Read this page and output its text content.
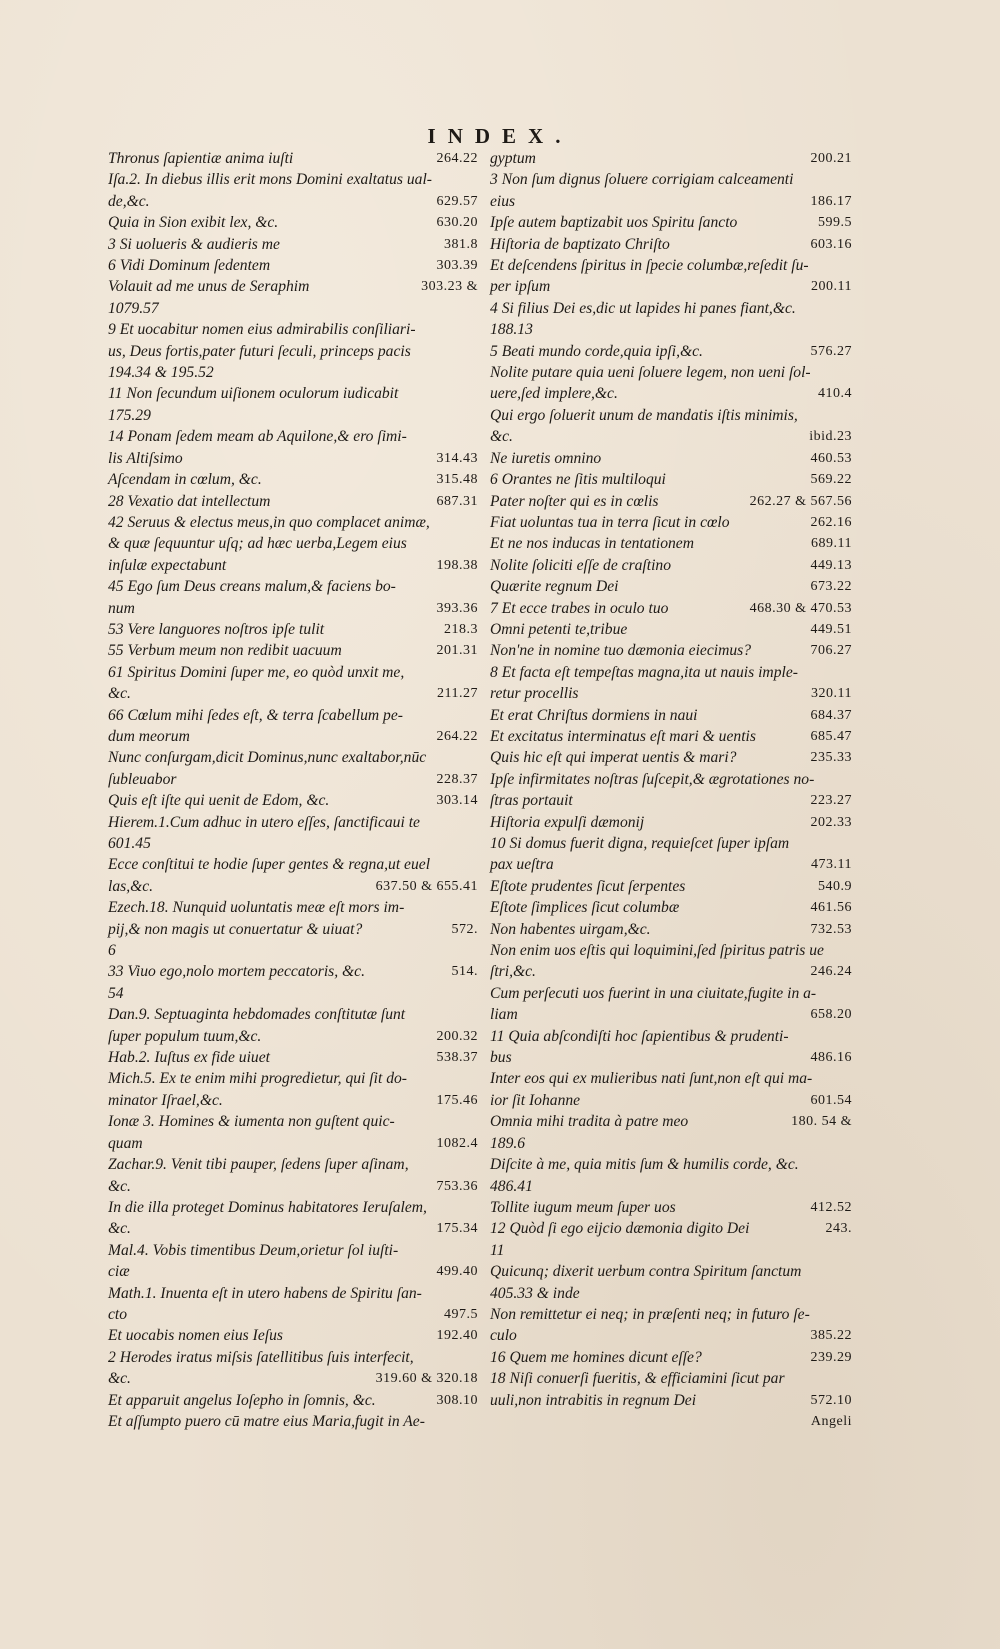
INDEX.
Thronus ſapientiæ anima iuſti	264.22
Iſa.2. In diebus illis erit mons Domini exaltatus ual-
de,&c.	629.57
Quia in Sion exibit lex, &c.	630.20
3 Si uolueris & audieris me	381.8
6 Vidi Dominum ſedentem	303.39
Volauit ad me unus de Seraphim	303.23 &
1079.57
9 Et uocabitur nomen eius admirabilis conſiliari-
us, Deus fortis,pater futuri ſeculi, princeps pacis
194.34 & 195.52
11 Non ſecundum uiſionem oculorum iudicabit
175.29
14 Ponam ſedem meam ab Aquilone,& ero ſimi-
lis Altiſsimo	314.43
Aſcendam in cœlum, &c.	315.48
28 Vexatio dat intellectum	687.31
42 Seruus & electus meus,in quo complacet animæ,
& quæ ſequuntur uſq; ad hæc uerba,Legem eius
inſulæ expectabunt	198.38
45 Ego ſum Deus creans malum,& faciens bo-
num	393.36
53 Vere languores noſtros ipſe tulit	218.3
55 Verbum meum non redibit uacuum	201.31
61 Spiritus Domini ſuper me, eo quòd unxit me,
&c.	211.27
66 Cœlum mihi ſedes eſt, & terra ſcabellum pe-
dum meorum	264.22
Nunc conſurgam,dicit Dominus,nunc exaltabor,nūc
ſubleuabor	228.37
Quis eſt iſte qui uenit de Edom, &c.	303.14
Hierem.1.Cum adhuc in utero eſſes, ſanctificaui te
601.45
Ecce conſtitui te hodie ſuper gentes & regna,ut euel
las,&c.	637.50 & 655.41
Ezech.18. Nunquid uoluntatis meæ eſt mors im-
pij,& non magis ut conuertatur & uiuat?	572.
6
33 Viuo ego,nolo mortem peccatoris, &c.	514.
54
Dan.9. Septuaginta hebdomades conſtitutæ ſunt
ſuper populum tuum,&c.	200.32
Hab.2. Iuſtus ex fide uiuet	538.37
Mich.5. Ex te enim mihi progredietur, qui ſit do-
minator Iſrael,&c.	175.46
Ionæ 3. Homines & iumenta non guſtent quic-
quam	1082.4
Zachar.9. Venit tibi pauper, ſedens ſuper aſinam,
&c.	753.36
In die illa proteget Dominus habitatores Ieruſalem,
&c.	175.34
Mal.4. Vobis timentibus Deum,orietur ſol iuſti-
ciæ	499.40
Math.1. Inuenta eſt in utero habens de Spiritu ſan-
cto	497.5
Et uocabis nomen eius Ieſus	192.40
2 Herodes iratus miſsis ſatellitibus ſuis interfecit,
&c.	319.60 & 320.18
Et apparuit angelus Ioſepho in ſomnis, &c.	308.10
Et aſſumpto puero cū matre eius Maria,fugit in Ae-
gyptum	200.21
3 Non ſum dignus ſoluere corrigiam calceamenti
eius	186.17
Ipſe autem baptizabit uos Spiritu ſancto	599.5
Hiſtoria de baptizato Chriſto	603.16
Et deſcendens ſpiritus in ſpecie columbæ,reſedit ſu-
per ipſum	200.11
4 Si filius Dei es,dic ut lapides hi panes fiant,&c.
188.13
5 Beati mundo corde,quia ipſi,&c.	576.27
Nolite putare quia ueni ſoluere legem, non ueni ſol-
uere,ſed implere,&c.	410.4
Qui ergo ſoluerit unum de mandatis iſtis minimis,
&c.	ibid.23
Ne iuretis omnino	460.53
6 Orantes ne ſitis multiloqui	569.22
Pater noſter qui es in cœlis	262.27 & 567.56
Fiat uoluntas tua in terra ſicut in cœlo	262.16
Et ne nos inducas in tentationem	689.11
Nolite ſoliciti eſſe de craſtino	449.13
Quærite regnum Dei	673.22
7 Et ecce trabes in oculo tuo	468.30 & 470.53
Omni petenti te,tribue	449.51
Non'ne in nomine tuo dæmonia eiecimus?	706.27
8 Et facta eſt tempeſtas magna,ita ut nauis imple-
retur procellis	320.11
Et erat Chriſtus dormiens in naui	684.37
Et excitatus interminatus eſt mari & uentis	685.47
Quis hic eſt qui imperat uentis & mari?	235.33
Ipſe infirmitates noſtras ſuſcepit,& ægrotationes no-
ſtras portauit	223.27
Hiſtoria expulſi dæmonij	202.33
10 Si domus fuerit digna, requieſcet ſuper ipſam
pax ueſtra	473.11
Eſtote prudentes ſicut ſerpentes	540.9
Eſtote ſimplices ſicut columbæ	461.56
Non habentes uirgam,&c.	732.53
Non enim uos eſtis qui loquimini,ſed ſpiritus patris ue
ſtri,&c.	246.24
Cum perſecuti uos fuerint in una ciuitate,fugite in a-
liam	658.20
11 Quia abſcondiſti hoc ſapientibus & prudenti-
bus	486.16
Inter eos qui ex mulieribus nati ſunt,non eſt qui ma-
ior ſit Iohanne	601.54
Omnia mihi tradita à patre meo	180. 54 &
189.6
Diſcite à me, quia mitis ſum & humilis corde, &c.
486.41
Tollite iugum meum ſuper uos	412.52
12 Quòd ſi ego eijcio dæmonia digito Dei	243.
11
Quicunq; dixerit uerbum contra Spiritum ſanctum
405.33 & inde
Non remittetur ei neq; in præſenti neq; in futuro ſe-
culo	385.22
16 Quem me homines dicunt eſſe?	239.29
18 Niſi conuerſi fueritis, & efficiamini ſicut par
uuli,non intrabitis in regnum Dei	572.10
Angeli
